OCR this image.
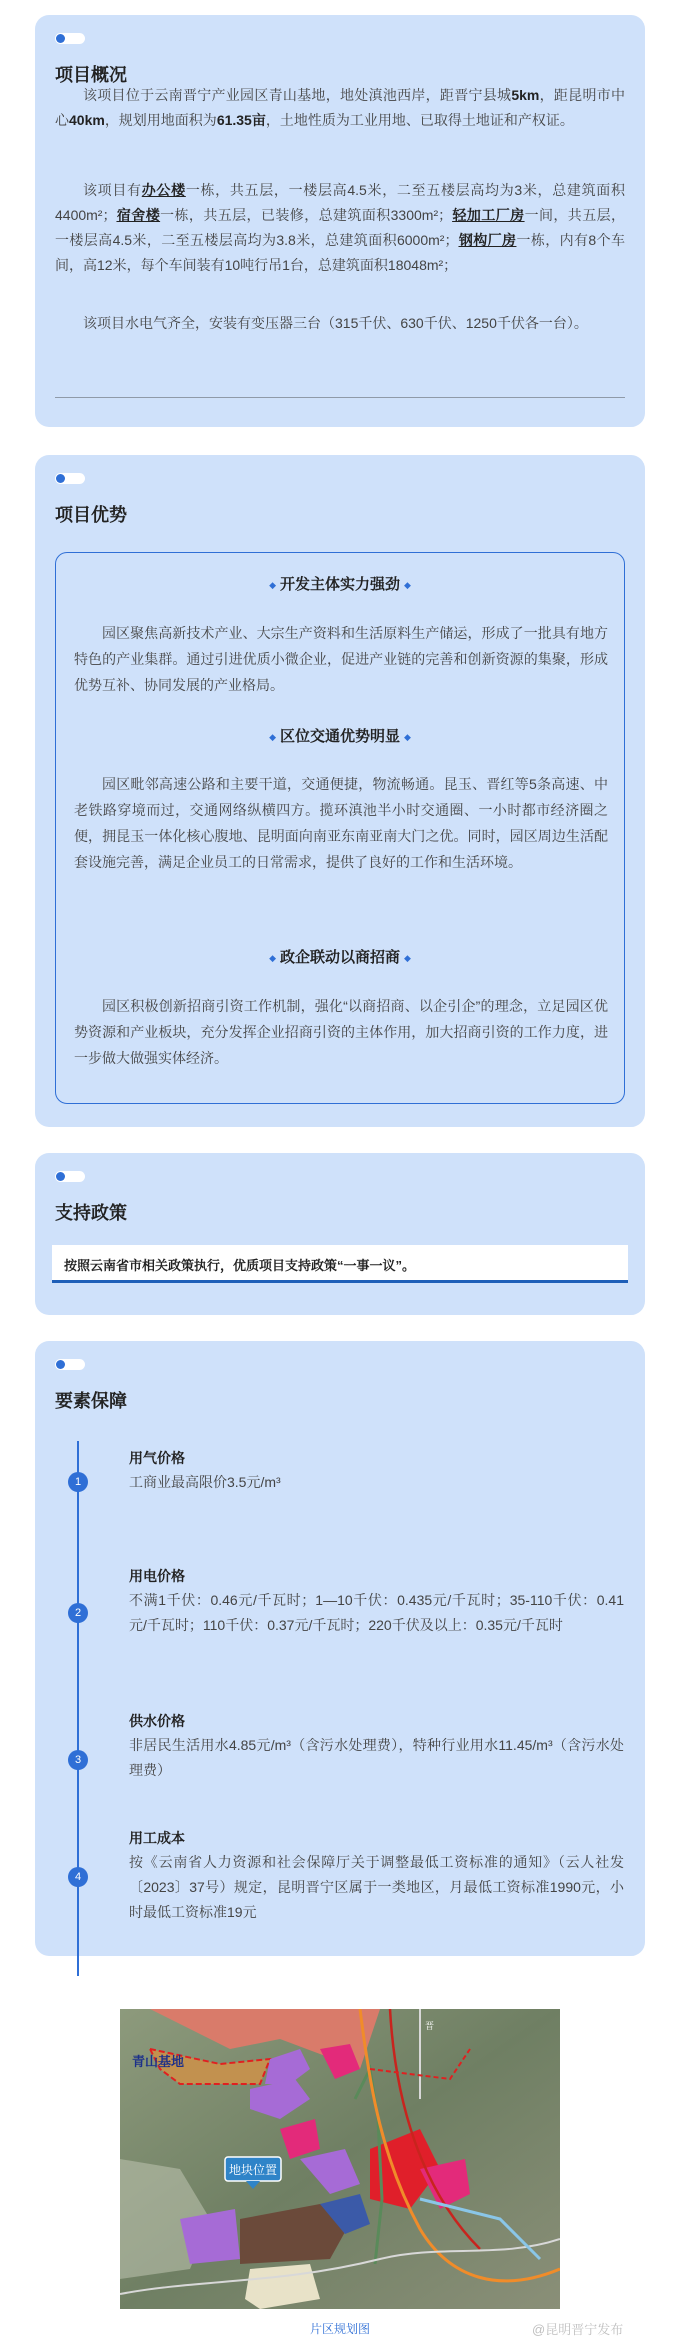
项目概况
该项目位于云南晋宁产业园区青山基地，地处滇池西岸，距晋宁县城5km，距昆明市中心40km，规划用地面积为61.35亩，土地性质为工业用地、已取得土地证和产权证。
该项目有办公楼一栋，共五层，一楼层高4.5米，二至五楼层高均为3米，总建筑面积4400m²；宿舍楼一栋，共五层，已装修，总建筑面积3300m²；轻加工厂房一间，共五层，一楼层高4.5米，二至五楼层高均为3.8米，总建筑面积6000m²；钢构厂房一栋，内有8个车间，高12米，每个车间装有10吨行吊1台，总建筑面积18048m²；
该项目水电气齐全，安装有变压器三台（315千伏、630千伏、1250千伏各一台）。
项目优势
◆ 开发主体实力强劲 ◆
园区聚焦高新技术产业、大宗生产资料和生活原料生产储运，形成了一批具有地方特色的产业集群。通过引进优质小微企业，促进产业链的完善和创新资源的集聚，形成优势互补、协同发展的产业格局。
◆ 区位交通优势明显 ◆
园区毗邻高速公路和主要干道，交通便捷，物流畅通。昆玉、晋红等5条高速、中老铁路穿境而过，交通网络纵横四方。揽环滇池半小时交通圈、一小时都市经济圈之便，拥昆玉一体化核心腹地、昆明面向南亚东南亚南大门之优。同时，园区周边生活配套设施完善，满足企业员工的日常需求，提供了良好的工作和生活环境。
◆ 政企联动以商招商 ◆
园区积极创新招商引资工作机制，强化“以商招商、以企引企”的理念，立足园区优势资源和产业板块，充分发挥企业招商引资的主体作用，加大招商引资的工作力度，进一步做大做强实体经济。
支持政策
按照云南省市相关政策执行，优质项目支持政策“一事一议”。
要素保障
1
用气价格
工商业最高限价3.5元/m³
2
用电价格
不满1千伏：0.46元/千瓦时；1—10千伏：0.435元/千瓦时；35-110千伏：0.41元/千瓦时；110千伏：0.37元/千瓦时；220千伏及以上：0.35元/千瓦时
3
供水价格
非居民生活用水4.85元/m³（含污水处理费），特种行业用水11.45/m³（含污水处理费）
4
用工成本
按《云南省人力资源和社会保障厅关于调整最低工资标准的通知》（云人社发〔2023〕37号）规定，昆明晋宁区属于一类地区，月最低工资标准1990元，小时最低工资标准19元
地块位置
青山基地
晋
片区规划图	@昆明晋宁发布
